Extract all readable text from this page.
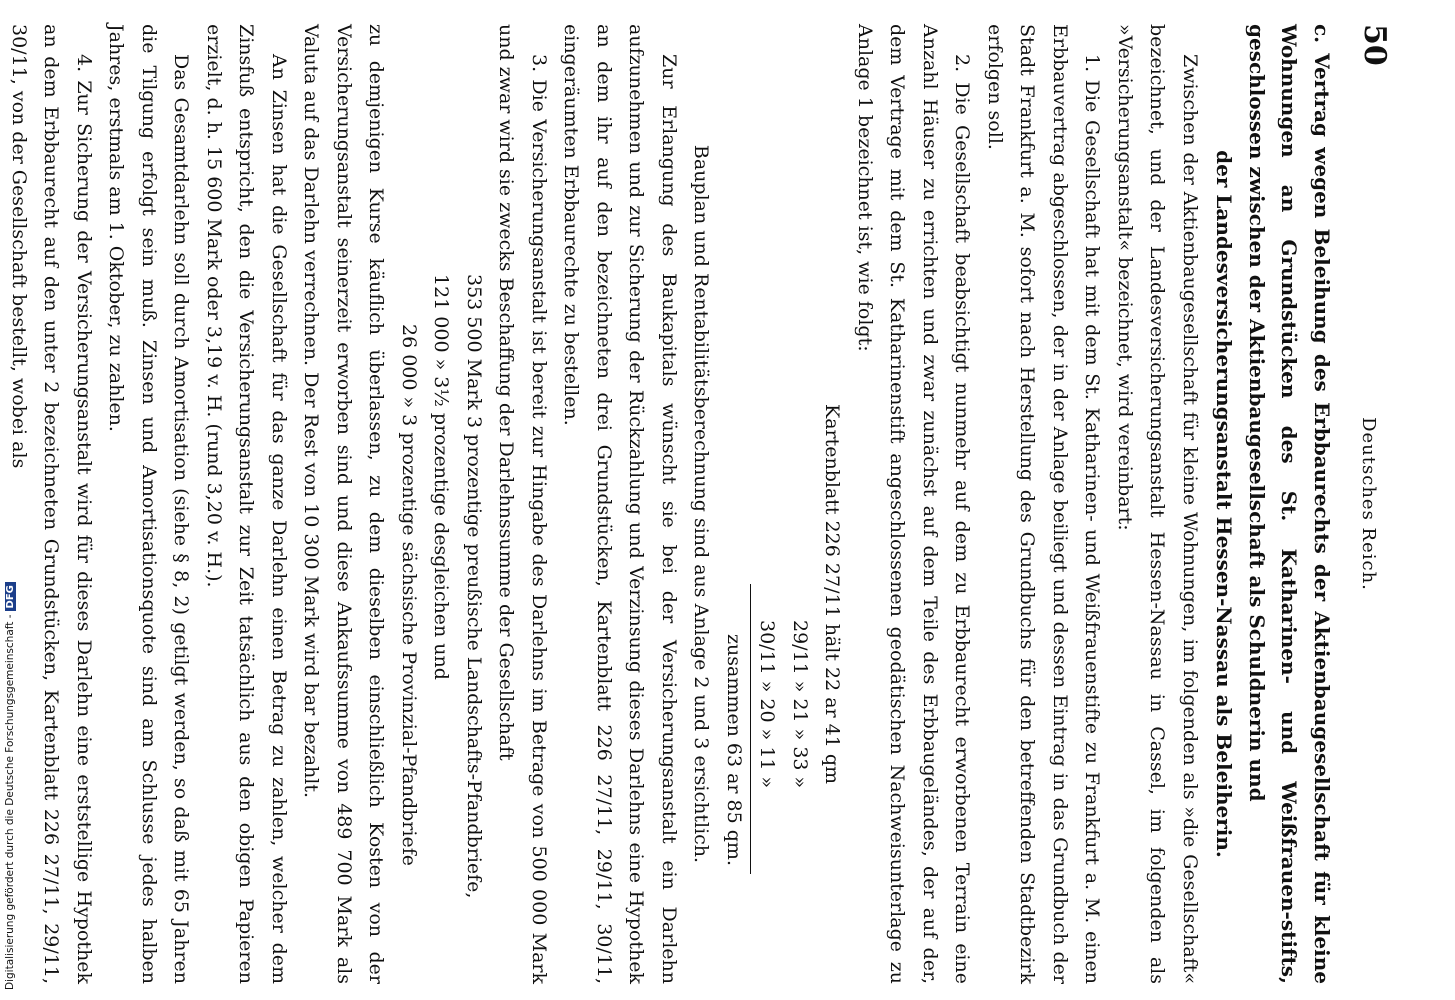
50
Deutsches Reich.

c. Vertrag wegen Beleihung des Erbbaurechts der Aktienbaugesellschaft für kleine Wohnungen an Grundstücken des St. Katharinen- und Weißfrauen-stifts, geschlossen zwischen der Aktienbaugesellschaft als Schuldnerin und

der Landesversicherungsanstalt Hessen-Nassau als Beleiherin.

Zwischen der Aktienbaugesellschaft für kleine Wohnungen, im folgenden als »die Gesellschaft« bezeichnet, und der Landesversicherungsanstalt Hessen-Nassau in Cassel, im folgenden als »Versicherungsanstalt« bezeichnet, wird vereinbart:

1. Die Gesellschaft hat mit dem St. Katharinen- und Weißfrauenstifte zu Frankfurt a. M. einen Erbbauvertrag abgeschlossen, der in der Anlage beiliegt und dessen Eintrag in das Grundbuch der Stadt Frankfurt a. M. sofort nach Herstellung des Grundbuchs für den betreffenden Stadtbezirk erfolgen soll.

2. Die Gesellschaft beabsichtigt nunmehr auf dem zu Erbbaurecht erworbenen Terrain eine Anzahl Häuser zu errichten und zwar zunächst auf dem Teile des Erbbaugeländes, der auf der, dem Vertrage mit dem St. Katharinenstift angeschlossenen geodätischen Nachweisunterlage zu Anlage 1 bezeichnet ist, wie folgt:

Kartenblatt 226 27/11 hält 22 ar 41 qm

29/11 » 21 » 33 »

30/11 » 20 » 11 »

zusammen 63 ar 85 qm.

Bauplan und Rentabilitätsberechnung sind aus Anlage 2 und 3 ersichtlich.

Zur Erlangung des Baukapitals wünscht sie bei der Versicherungsanstalt ein Darlehn aufzunehmen und zur Sicherung der Rückzahlung und Verzinsung dieses Darlehns eine Hypothek an dem ihr auf den bezeichneten drei Grundstücken, Kartenblatt 226 27/11, 29/11, 30/11, eingeräumten Erbbaurechte zu bestellen.

3. Die Versicherungsanstalt ist bereit zur Hingabe des Darlehns im Betrage von 500 000 Mark und zwar wird sie zwecks Beschaffung der Darlehnssumme der Gesellschaft

353 500 Mark 3 prozentige preußische Landschafts-Pfandbriefe,

121 000 » 3½ prozentige desgleichen und

26 000 » 3 prozentige sächsische Provinzial-Pfandbriefe

zu demjenigen Kurse käuflich überlassen, zu dem dieselben einschließlich Kosten von der Versicherungsanstalt seinerzeit erworben sind und diese Ankaufssumme von 489 700 Mark als Valuta auf das Darlehn verrechnen. Der Rest von 10 300 Mark wird bar bezahlt.

An Zinsen hat die Gesellschaft für das ganze Darlehn einen Betrag zu zahlen, welcher dem Zinsfuß entspricht, den die Versicherungsanstalt zur Zeit tatsächlich aus den obigen Papieren erzielt, d. h. 15 600 Mark oder 3,19 v. H. (rund 3,20 v. H.).

Das Gesamtdarlehn soll durch Amortisation (siehe § 8, 2) getilgt werden, so daß mit 65 Jahren die Tilgung erfolgt sein muß. Zinsen und Amortisationsquote sind am Schlusse jedes halben Jahres, erstmals am 1. Oktober, zu zahlen.

4. Zur Sicherung der Versicherungsanstalt wird für dieses Darlehn eine erststellige Hypothek an dem Erbbaurecht auf den unter 2 bezeichneten Grundstücken, Kartenblatt 226 27/11, 29/11, 30/11, von der Gesellschaft bestellt, wobei als

Digitalisierung gefördert durch die Deutsche Forschungsgemeinschaft -DFG
